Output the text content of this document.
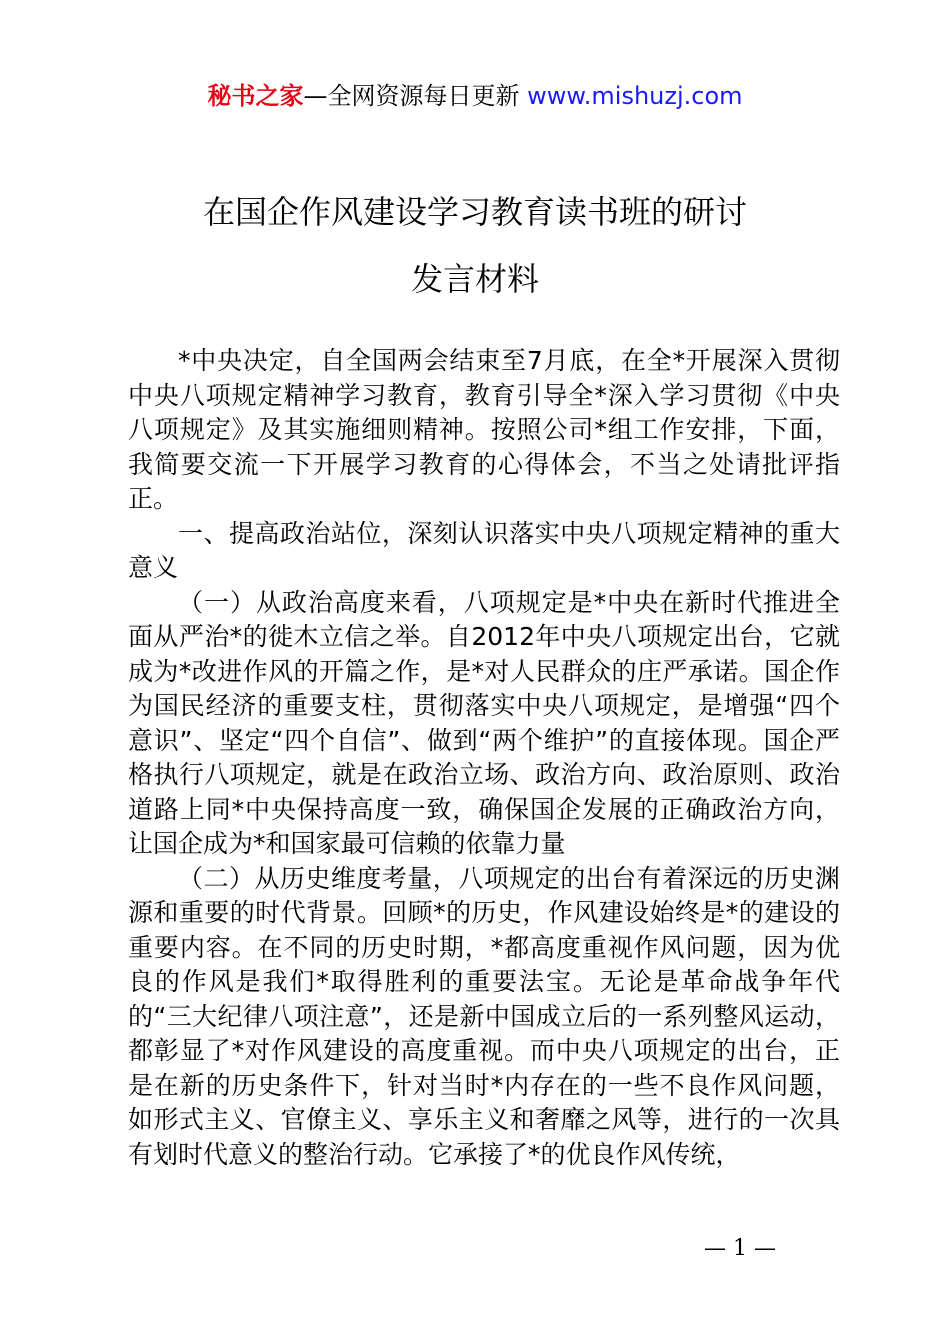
秘书之家—全网资源每日更新 www.mishuzj.com
在国企作风建设学习教育读书班的研讨
发言材料

*中央决定，自全国两会结束至7月底，在全*开展深入贯彻中央八项规定精神学习教育，教育引导全*深入学习贯彻《中央八项规定》及其实施细则精神。按照公司*组工作安排，下面，我简要交流一下开展学习教育的心得体会，不当之处请批评指正。

一、提高政治站位，深刻认识落实中央八项规定精神的重大意义

（一）从政治高度来看，八项规定是*中央在新时代推进全面从严治*的徙木立信之举。自2012年中央八项规定出台，它就成为*改进作风的开篇之作，是*对人民群众的庄严承诺。国企作为国民经济的重要支柱，贯彻落实中央八项规定，是增强“四个意识”、坚定“四个自信”、做到“两个维护”的直接体现。国企严格执行八项规定，就是在政治立场、政治方向、政治原则、政治道路上同*中央保持高度一致，确保国企发展的正确政治方向，让国企成为*和国家最可信赖的依靠力量

（二）从历史维度考量，八项规定的出台有着深远的历史渊源和重要的时代背景。回顾*的历史，作风建设始终是*的建设的重要内容。在不同的历史时期，*都高度重视作风问题，因为优良的作风是我们*取得胜利的重要法宝。无论是革命战争年代的“三大纪律八项注意”，还是新中国成立后的一系列整风运动，都彰显了*对作风建设的高度重视。而中央八项规定的出台，正是在新的历史条件下，针对当时*内存在的一些不良作风问题，如形式主义、官僚主义、享乐主义和奢靡之风等，进行的一次具有划时代意义的整治行动。它承接了*的优良作风传统，

— 1 —
